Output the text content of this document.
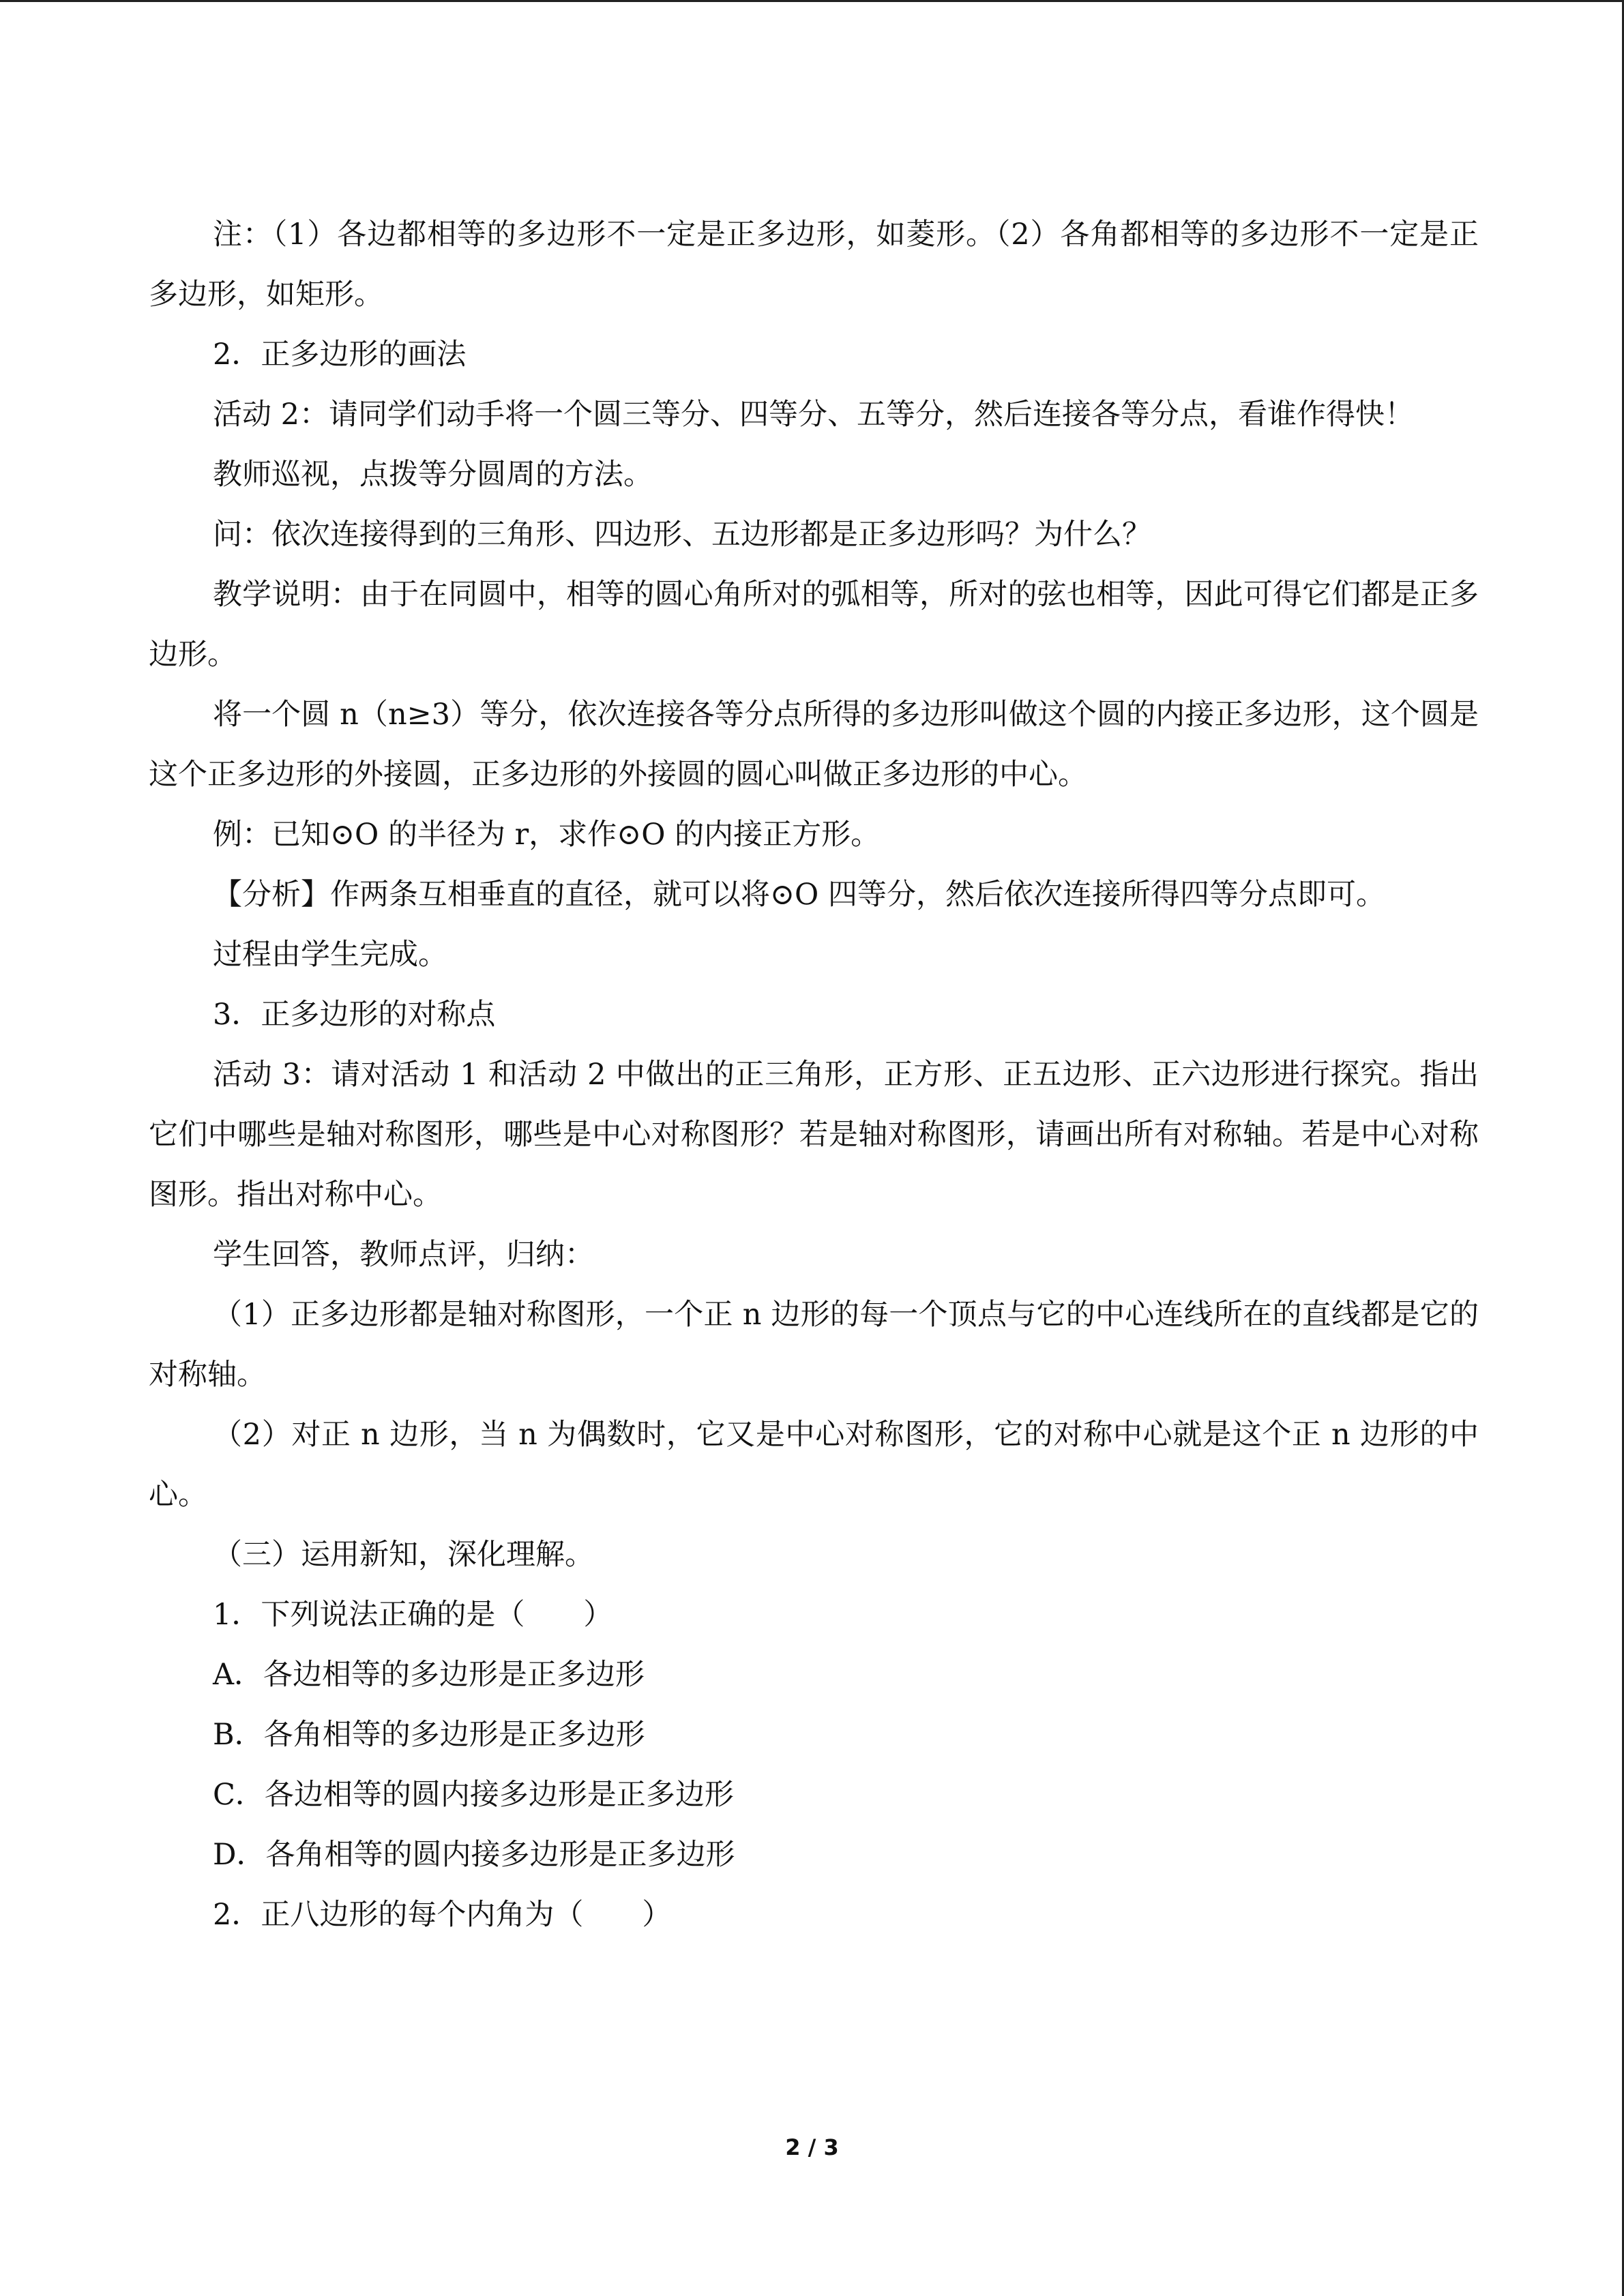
注：（1）各边都相等的多边形不一定是正多边形，如菱形。（2）各角都相等的多边形不一定是正多边形，如矩形。

2．正多边形的画法

活动 2：请同学们动手将一个圆三等分、四等分、五等分，然后连接各等分点，看谁作得快！

教师巡视，点拨等分圆周的方法。

问：依次连接得到的三角形、四边形、五边形都是正多边形吗？为什么？

教学说明：由于在同圆中，相等的圆心角所对的弧相等，所对的弦也相等，因此可得它们都是正多边形。

将一个圆 n（n≥3）等分，依次连接各等分点所得的多边形叫做这个圆的内接正多边形，这个圆是这个正多边形的外接圆，正多边形的外接圆的圆心叫做正多边形的中心。

例：已知⊙O 的半径为 r，求作⊙O 的内接正方形。

【分析】作两条互相垂直的直径，就可以将⊙O 四等分，然后依次连接所得四等分点即可。

过程由学生完成。

3．正多边形的对称点

活动 3：请对活动 1 和活动 2 中做出的正三角形，正方形、正五边形、正六边形进行探究。指出它们中哪些是轴对称图形，哪些是中心对称图形？若是轴对称图形，请画出所有对称轴。若是中心对称图形。指出对称中心。

学生回答，教师点评，归纳：

（1）正多边形都是轴对称图形，一个正 n 边形的每一个顶点与它的中心连线所在的直线都是它的对称轴。

（2）对正 n 边形，当 n 为偶数时，它又是中心对称图形，它的对称中心就是这个正 n 边形的中心。

（三）运用新知，深化理解。

1．下列说法正确的是（　　）

A．各边相等的多边形是正多边形

B．各角相等的多边形是正多边形

C．各边相等的圆内接多边形是正多边形

D．各角相等的圆内接多边形是正多边形

2．正八边形的每个内角为（　　）

2 / 3
